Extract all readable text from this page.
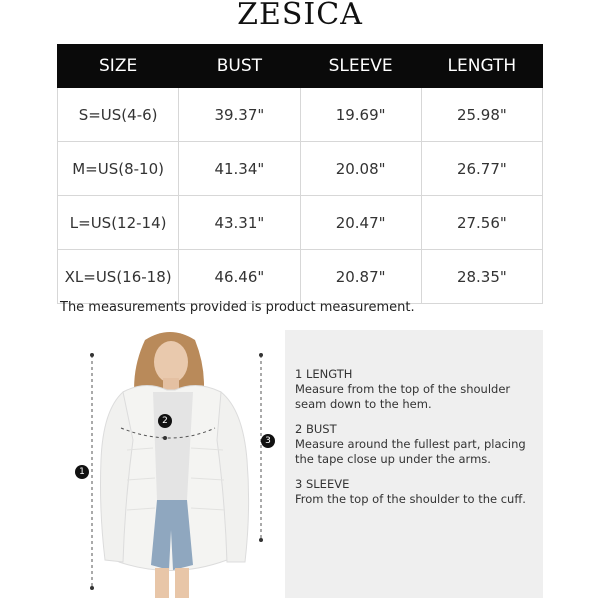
ZESICA
SIZE	BUST	SLEEVE	LENGTH
S=US(4-6)	39.37"	19.69"	25.98"
M=US(8-10)	41.34"	20.08"	26.77"
L=US(12-14)	43.31"	20.47"	27.56"
XL=US(16-18)	46.46"	20.87"	28.35"
The measurements provided is product measurement.
1
2
3
1 LENGTH
Measure from the top of the shoulder seam down to the hem.
2 BUST
Measure around the fullest part, placing the tape close up under the arms.
3 SLEEVE
From the top of the shoulder to the cuff.
